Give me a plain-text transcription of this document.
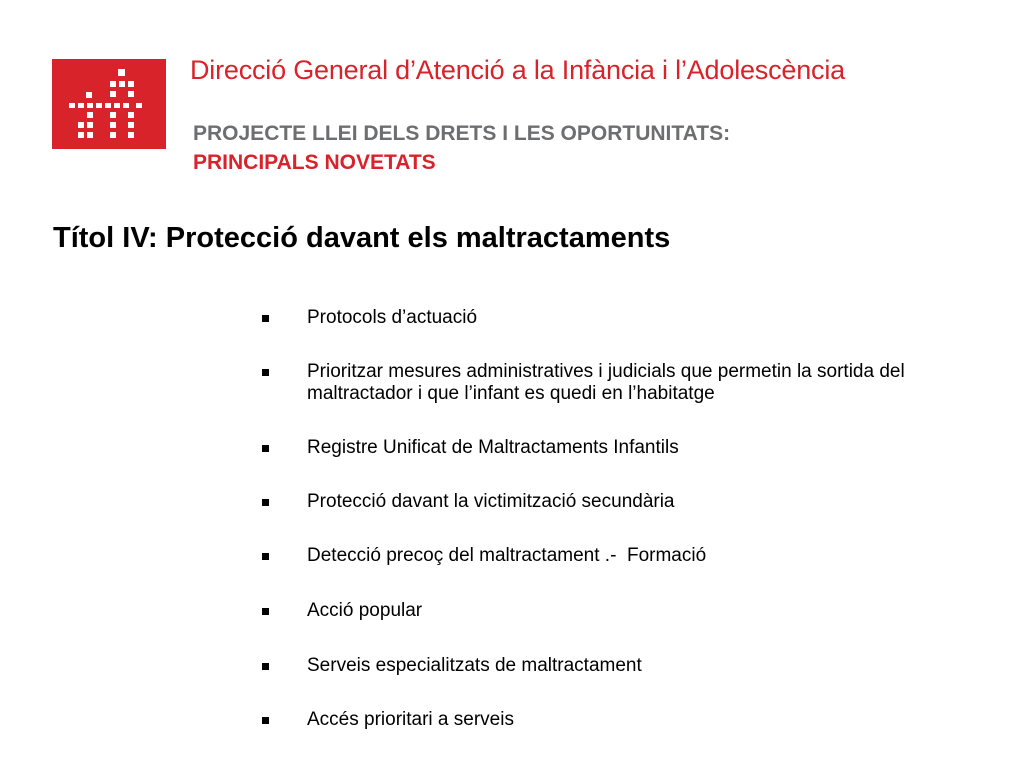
Direcció General d’Atenció a la Infància i l’Adolescència
PROJECTE LLEI DELS DRETS I LES OPORTUNITATS:
PRINCIPALS NOVETATS
Títol IV: Protecció davant els maltractaments
Protocols d’actuació
Prioritzar mesures administratives i judicials que permetin la sortida del maltractador i que l’infant es quedi en l’habitatge
Registre Unificat de Maltractaments Infantils
Protecció davant la victimització secundària
Detecció precoç del maltractament .-  Formació
Acció popular
Serveis especialitzats de maltractament
Accés prioritari a serveis
